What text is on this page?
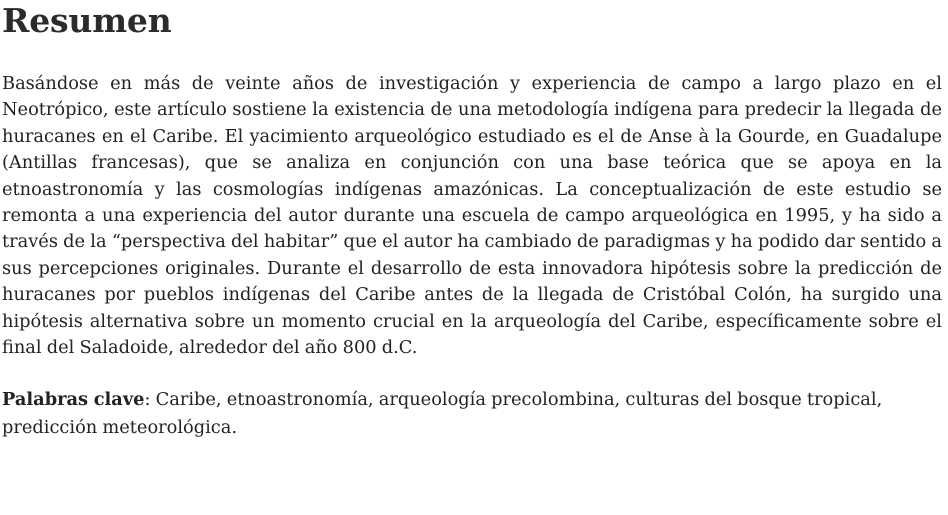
Resumen

Basándose en más de veinte años de investigación y experiencia de campo a largo plazo en el Neotrópico, este artículo sostiene la existencia de una metodología indígena para predecir la llegada de huracanes en el Caribe. El yacimiento arqueológico estudiado es el de Anse à la Gourde, en Guadalupe (Antillas francesas), que se analiza en conjunción con una base teórica que se apoya en la etnoastronomía y las cosmologías indígenas amazónicas. La conceptualización de este estudio se remonta a una experiencia del autor durante una escuela de campo arqueológica en 1995, y ha sido a través de la “perspectiva del habitar” que el autor ha cambiado de paradigmas y ha podido dar sentido a sus percepciones originales. Durante el desarrollo de esta innovadora hipótesis sobre la predicción de huracanes por pueblos indígenas del Caribe antes de la llegada de Cristóbal Colón, ha surgido una hipótesis alternativa sobre un momento crucial en la arqueología del Caribe, específicamente sobre el final del Saladoide, alrededor del año 800 d.C.

Palabras clave: Caribe, etnoastronomía, arqueología precolombina, culturas del bosque tropical, predicción meteorológica.
